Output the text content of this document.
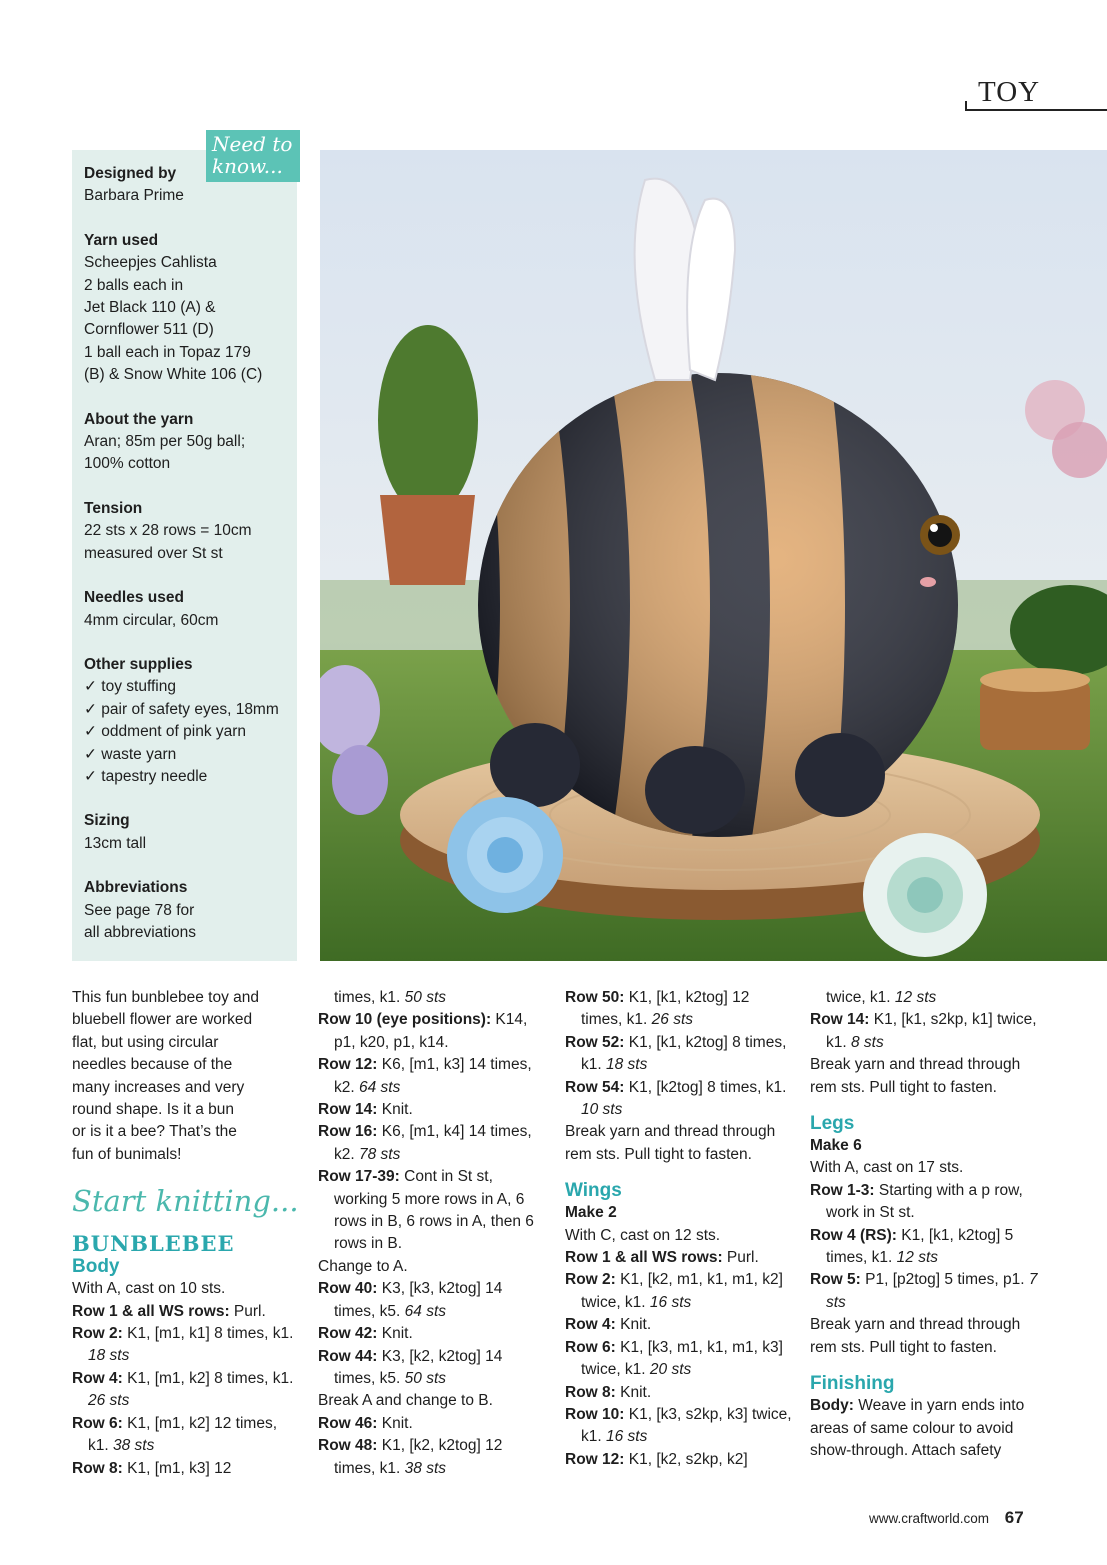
TOY
Need to
know...
Designed by
Barbara Prime
Yarn used
Scheepjes Cahlista
2 balls each in
Jet Black 110 (A) &
Cornflower 511 (D)
1 ball each in Topaz 179
(B) & Snow White 106 (C)
About the yarn
Aran; 85m per 50g ball;
100% cotton
Tension
22 sts x 28 rows = 10cm
measured over St st
Needles used
4mm circular, 60cm
Other supplies
✓ toy stuffing
✓ pair of safety eyes, 18mm
✓ oddment of pink yarn
✓ waste yarn
✓ tapestry needle
Sizing
13cm tall
Abbreviations
See page 78 for
all abbreviations

This fun bunblebee toy and
bluebell flower are worked
flat, but using circular
needles because of the
many increases and very
round shape. Is it a bun
or is it a bee? That’s the
fun of bunimals!

Start knitting...
BUNBLEBEE
Body

With A, cast on 10 sts.

Row 1 & all WS rows: Purl.

Row 2: K1, [m1, k1] 8 times, k1. 18 sts

Row 4: K1, [m1, k2] 8 times, k1. 26 sts

Row 6: K1, [m1, k2] 12 times, k1. 38 sts

Row 8: K1, [m1, k3] 12

times, k1. 50 sts

Row 10 (eye positions): K14, p1, k20, p1, k14.

Row 12: K6, [m1, k3] 14 times, k2. 64 sts

Row 14: Knit.

Row 16: K6, [m1, k4] 14 times, k2. 78 sts

Row 17-39: Cont in St st, working 5 more rows in A, 6 rows in B, 6 rows in A, then 6 rows in B.

Change to A.

Row 40: K3, [k3, k2tog] 14 times, k5. 64 sts

Row 42: Knit.

Row 44: K3, [k2, k2tog] 14 times, k5. 50 sts

Break A and change to B.

Row 46: Knit.

Row 48: K1, [k2, k2tog] 12 times, k1. 38 sts

Row 50: K1, [k1, k2tog] 12 times, k1. 26 sts

Row 52: K1, [k1, k2tog] 8 times, k1. 18 sts

Row 54: K1, [k2tog] 8 times, k1. 10 sts

Break yarn and thread through rem sts. Pull tight to fasten.

Wings

Make 2

With C, cast on 12 sts.

Row 1 & all WS rows: Purl.

Row 2: K1, [k2, m1, k1, m1, k2] twice, k1. 16 sts

Row 4: Knit.

Row 6: K1, [k3, m1, k1, m1, k3] twice, k1. 20 sts

Row 8: Knit.

Row 10: K1, [k3, s2kp, k3] twice, k1. 16 sts

Row 12: K1, [k2, s2kp, k2]

twice, k1. 12 sts

Row 14: K1, [k1, s2kp, k1] twice, k1. 8 sts

Break yarn and thread through rem sts. Pull tight to fasten.

Legs

Make 6

With A, cast on 17 sts.

Row 1-3: Starting with a p row, work in St st.

Row 4 (RS): K1, [k1, k2tog] 5 times, k1. 12 sts

Row 5: P1, [p2tog] 5 times, p1. 7 sts

Break yarn and thread through rem sts. Pull tight to fasten.

Finishing

Body: Weave in yarn ends into areas of same colour to avoid show-through. Attach safety

www.craftworld.com 67
